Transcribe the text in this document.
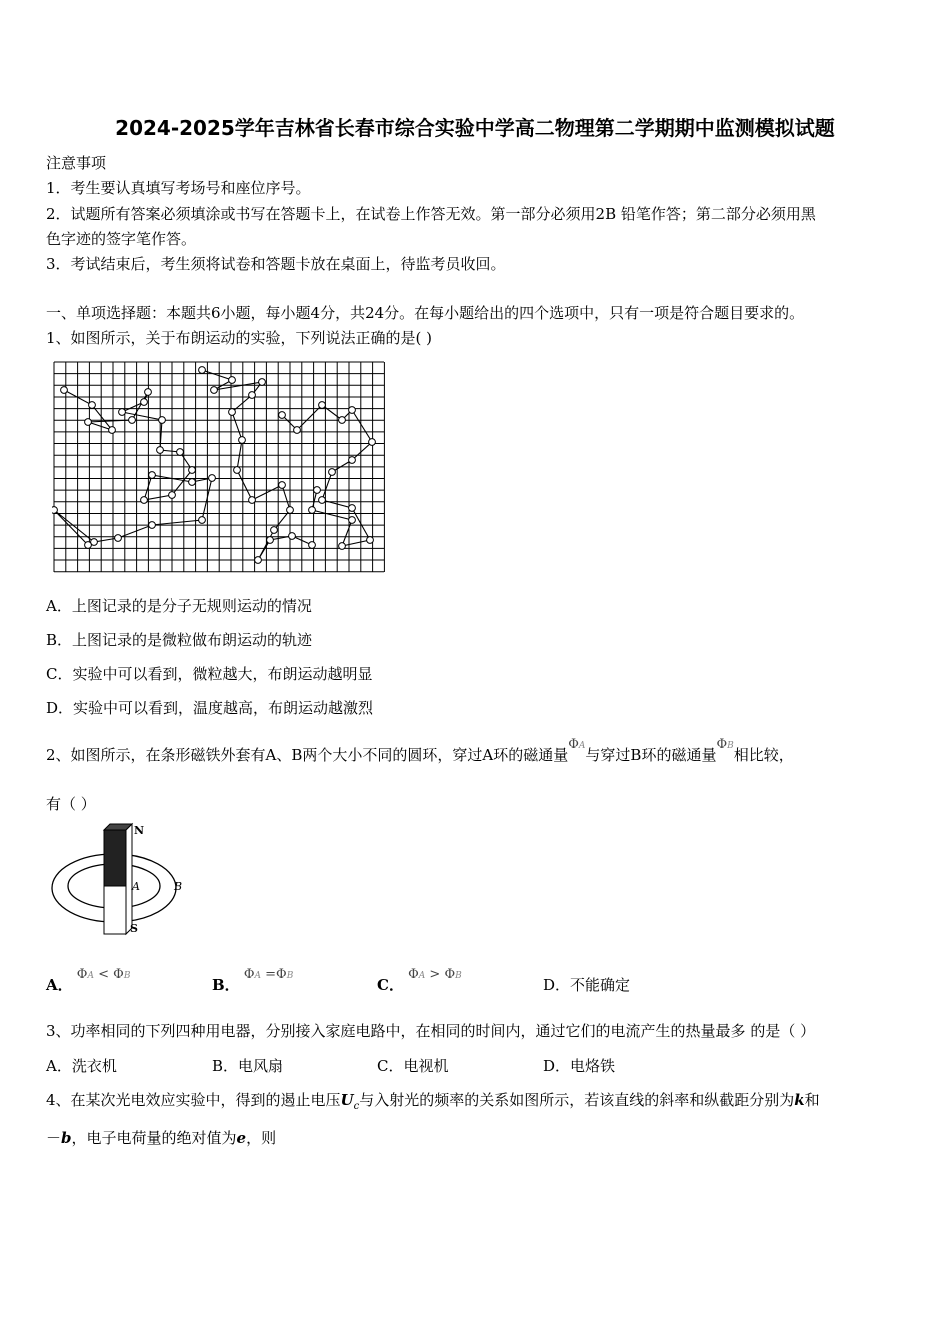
2024-2025学年吉林省长春市综合实验中学高二物理第二学期期中监测模拟试题
注意事项
1．考生要认真填写考场号和座位序号。
2．试题所有答案必须填涂或书写在答题卡上，在试卷上作答无效。第一部分必须用2B 铅笔作答；第二部分必须用黑
色字迹的签字笔作答。
3．考试结束后，考生须将试卷和答题卡放在桌面上，待监考员收回。
一、单项选择题：本题共6小题，每小题4分，共24分。在每小题给出的四个选项中，只有一项是符合题目要求的。
1、如图所示，关于布朗运动的实验，下列说法正确的是( )
A．上图记录的是分子无规则运动的情况
B．上图记录的是微粒做布朗运动的轨迹
C．实验中可以看到，微粒越大，布朗运动越明显
D．实验中可以看到，温度越高，布朗运动越激烈
2、如图所示，在条形磁铁外套有A、B两个大小不同的圆环，穿过A环的磁通量ΦA与穿过B环的磁通量ΦB相比较，
有（ ）
N
A	B
S
A． ΦA < ΦB	B． ΦA =ΦB	C． ΦA > ΦB	D．不能确定
3、功率相同的下列四种用电器，分别接入家庭电路中，在相同的时间内，通过它们的电流产生的热量最多 的是（ ）
A．洗衣机	B．电风扇	C．电视机	D．电烙铁
4、在某次光电效应实验中，得到的遏止电压$U_c$与入射光的频率的关系如图所示，若该直线的斜率和纵截距分别为k和
－b，电子电荷量的绝对值为e，则
